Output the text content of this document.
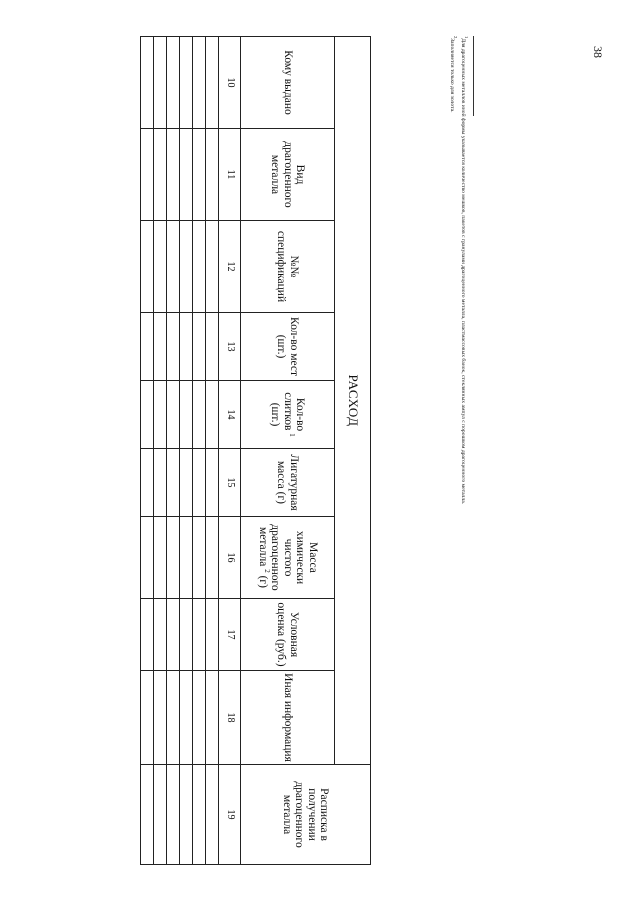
38
РАСХОД									Расписка в получении драгоценного металла
Кому выдано	Вид драгоценного металла	№№ спецификаций	Кол-во мест (шт.)	Кол-во слитков $^1$ (шт.)	Лигатурная масса (г)	Масса химически чистого драгоценного металла $^2$ (г)	Условная оценка (руб.)	Иная информация	
10	11	12	13	14	15	16	17	18	19

$^1$Для драгоценных металлов иной формы указывается количество мешков, пакетов с гранулами драгоценного металла, пластмассовых банок, стеклянных ампул с порошком драгоценного металла.
$^2$Заполняется только для золота.
